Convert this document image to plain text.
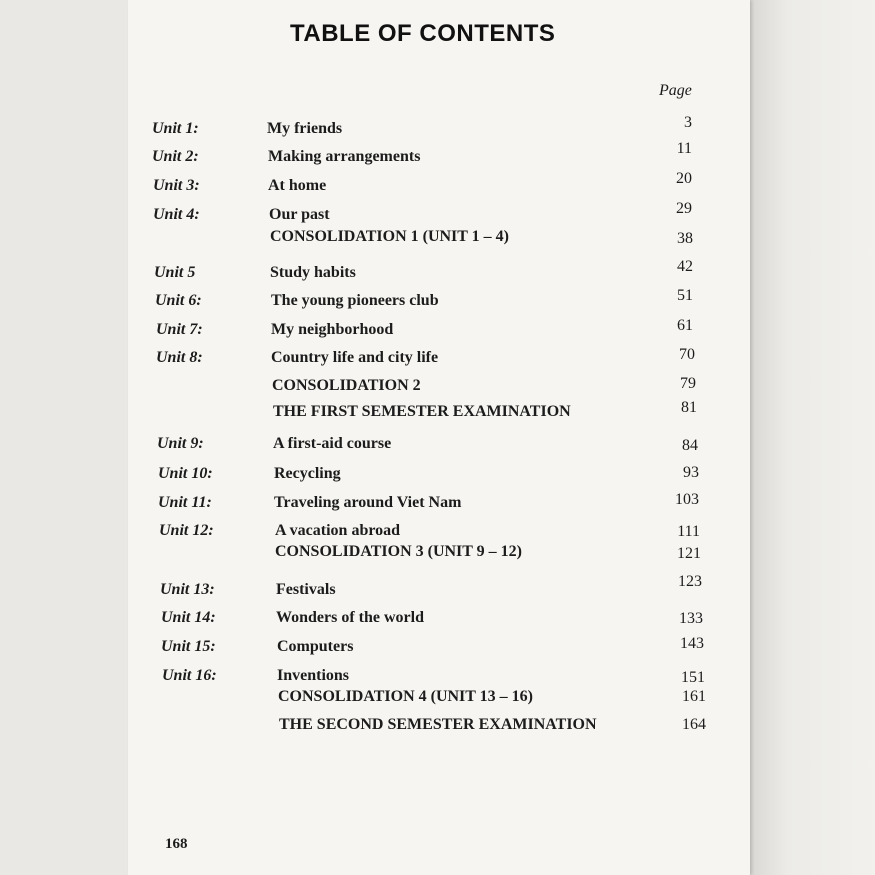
TABLE OF CONTENTS
Page
Unit 1:	My friends	3
Unit 2:	Making arrangements	11
Unit 3:	At home	20
Unit 4:	Our past	29
CONSOLIDATION 1 (UNIT 1 – 4)	38
Unit 5	Study habits	42
Unit 6:	The young pioneers club	51
Unit 7:	My neighborhood	61
Unit 8:	Country life and city life	70
CONSOLIDATION 2	79
THE FIRST SEMESTER EXAMINATION	81
Unit 9:	A first-aid course	84
Unit 10:	Recycling	93
Unit 11:	Traveling around Viet Nam	103
Unit 12:	A vacation abroad	111
CONSOLIDATION 3 (UNIT 9 – 12)	121
Unit 13:	Festivals	123
Unit 14:	Wonders of the world	133
Unit 15:	Computers	143
Unit 16:	Inventions	151
CONSOLIDATION 4 (UNIT 13 – 16)	161
THE SECOND SEMESTER EXAMINATION	164
168
